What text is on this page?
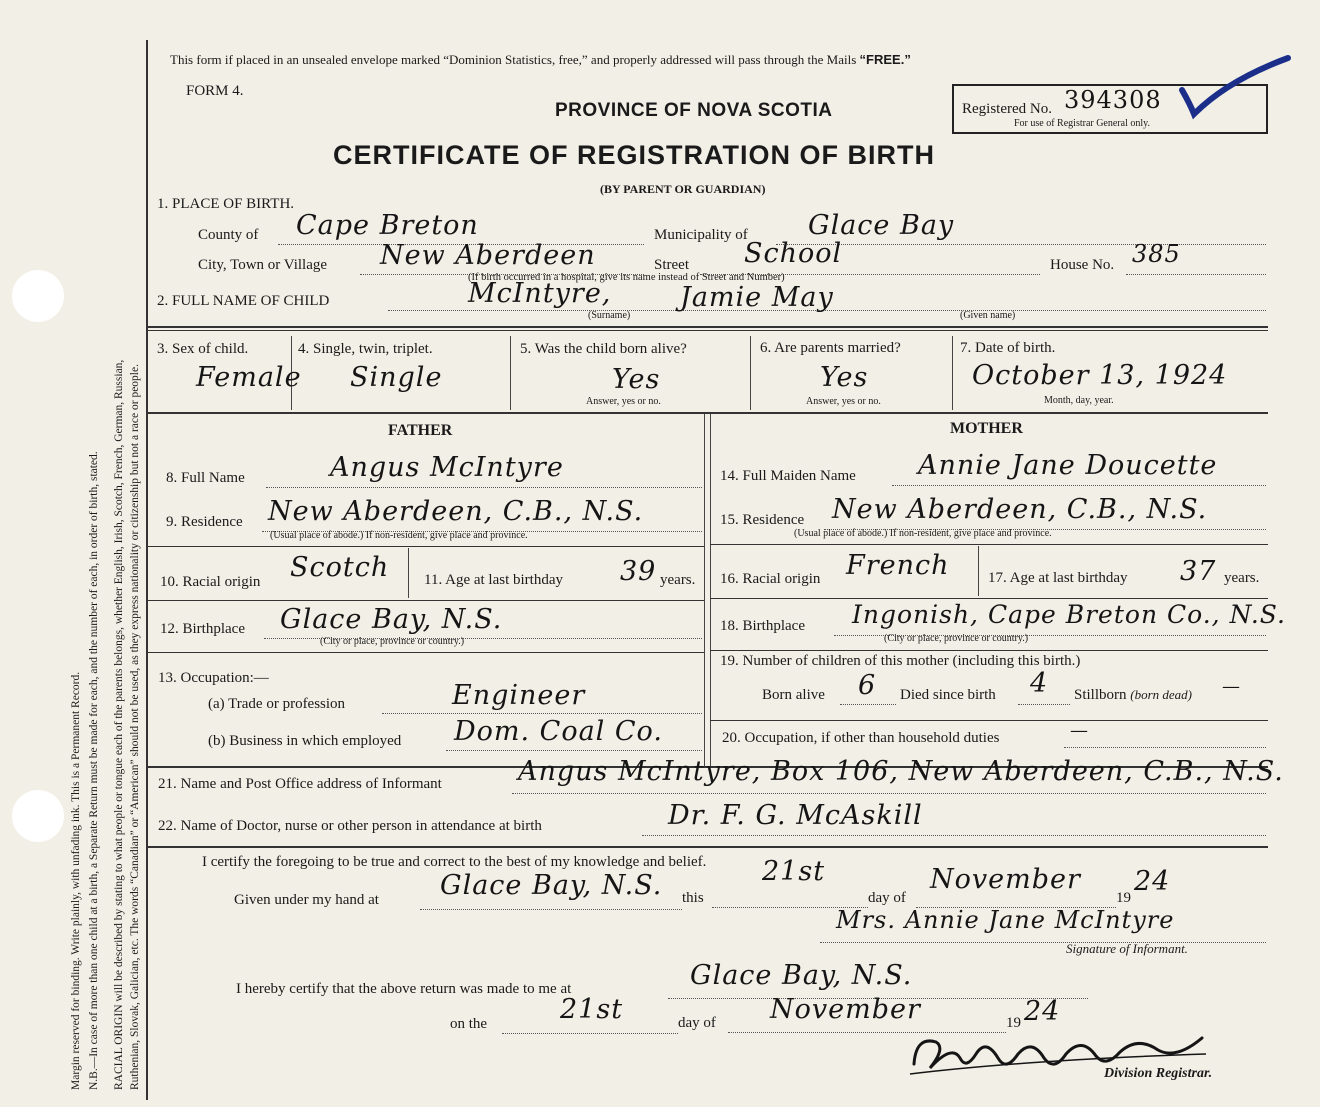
Margin reserved for binding. Write plainly, with unfading ink. This is a Permanent Record. N.B.—In case of more than one child at a birth, a Separate Return must be made for each, and the number of each, in order of birth, stated. RACIAL ORIGIN will be described by stating to what people or tongue each of the parents belongs, whether English, Irish, Scotch, French, German, Russian, Ruthenian, Slovak, Galician, etc. The words “Canadian” or “American” should not be used, as they express nationality or citizenship but not a race or people.
This form if placed in an unsealed envelope marked “Dominion Statistics, free,” and properly addressed will pass through the Mails “FREE.”
FORM 4.
PROVINCE OF NOVA SCOTIA
CERTIFICATE OF REGISTRATION OF BIRTH
(BY PARENT OR GUARDIAN)
Registered No. 394308
For use of Registrar General only.
1. PLACE OF BIRTH.
County of Cape Breton	Municipality of Glace Bay
City, Town or Village New Aberdeen	Street School	House No. 385
(If birth occurred in a hospital, give its name instead of Street and Number)
2. FULL NAME OF CHILD	McIntyre,	Jamie May
(Surname)	(Given name)
3. Sex of child.
Female
4. Single, twin, triplet.
Single
5. Was the child born alive?
Yes
Answer, yes or no.
6. Are parents married?
Yes
Answer, yes or no.
7. Date of birth.
October 13, 1924
Month, day, year.
FATHER	MOTHER
8. Full Name	Angus McIntyre
9. Residence New Aberdeen, C.B., N.S.
(Usual place of abode.) If non-resident, give place and province.
10. Racial origin Scotch 11. Age at last birthday 39 years.
12. Birthplace Glace Bay, N.S.
(City or place, province or country.)
13. Occupation:—
(a) Trade or profession	Engineer
(b) Business in which employed Dom. Coal Co.
14. Full Maiden Name Annie Jane Doucette
15. Residence New Aberdeen, C.B., N.S.
(Usual place of abode.) If non-resident, give place and province.
16. Racial origin French	17. Age at last birthday 37 years.
18. Birthplace Ingonish, Cape Breton Co., N.S.
(City or place, province or country.)
19. Number of children of this mother (including this birth.)
Born alive 6 Died since birth 4 Stillborn (born dead) —
20. Occupation, if other than household duties	—
21. Name and Post Office address of Informant	Angus McIntyre, Box 106, New Aberdeen, C.B., N.S.
22. Name of Doctor, nurse or other person in attendance at birth	Dr. F. G. McAskill
I certify the foregoing to be true and correct to the best of my knowledge and belief.
Given under my hand at Glace Bay, N.S. this
21st
day of
November
19
24
Mrs. Annie Jane McIntyre
Signature of Informant.
I hereby certify that the above return was made to me at	Glace Bay, N.S.
on the	21st	day of November	19 24
Division Registrar.
